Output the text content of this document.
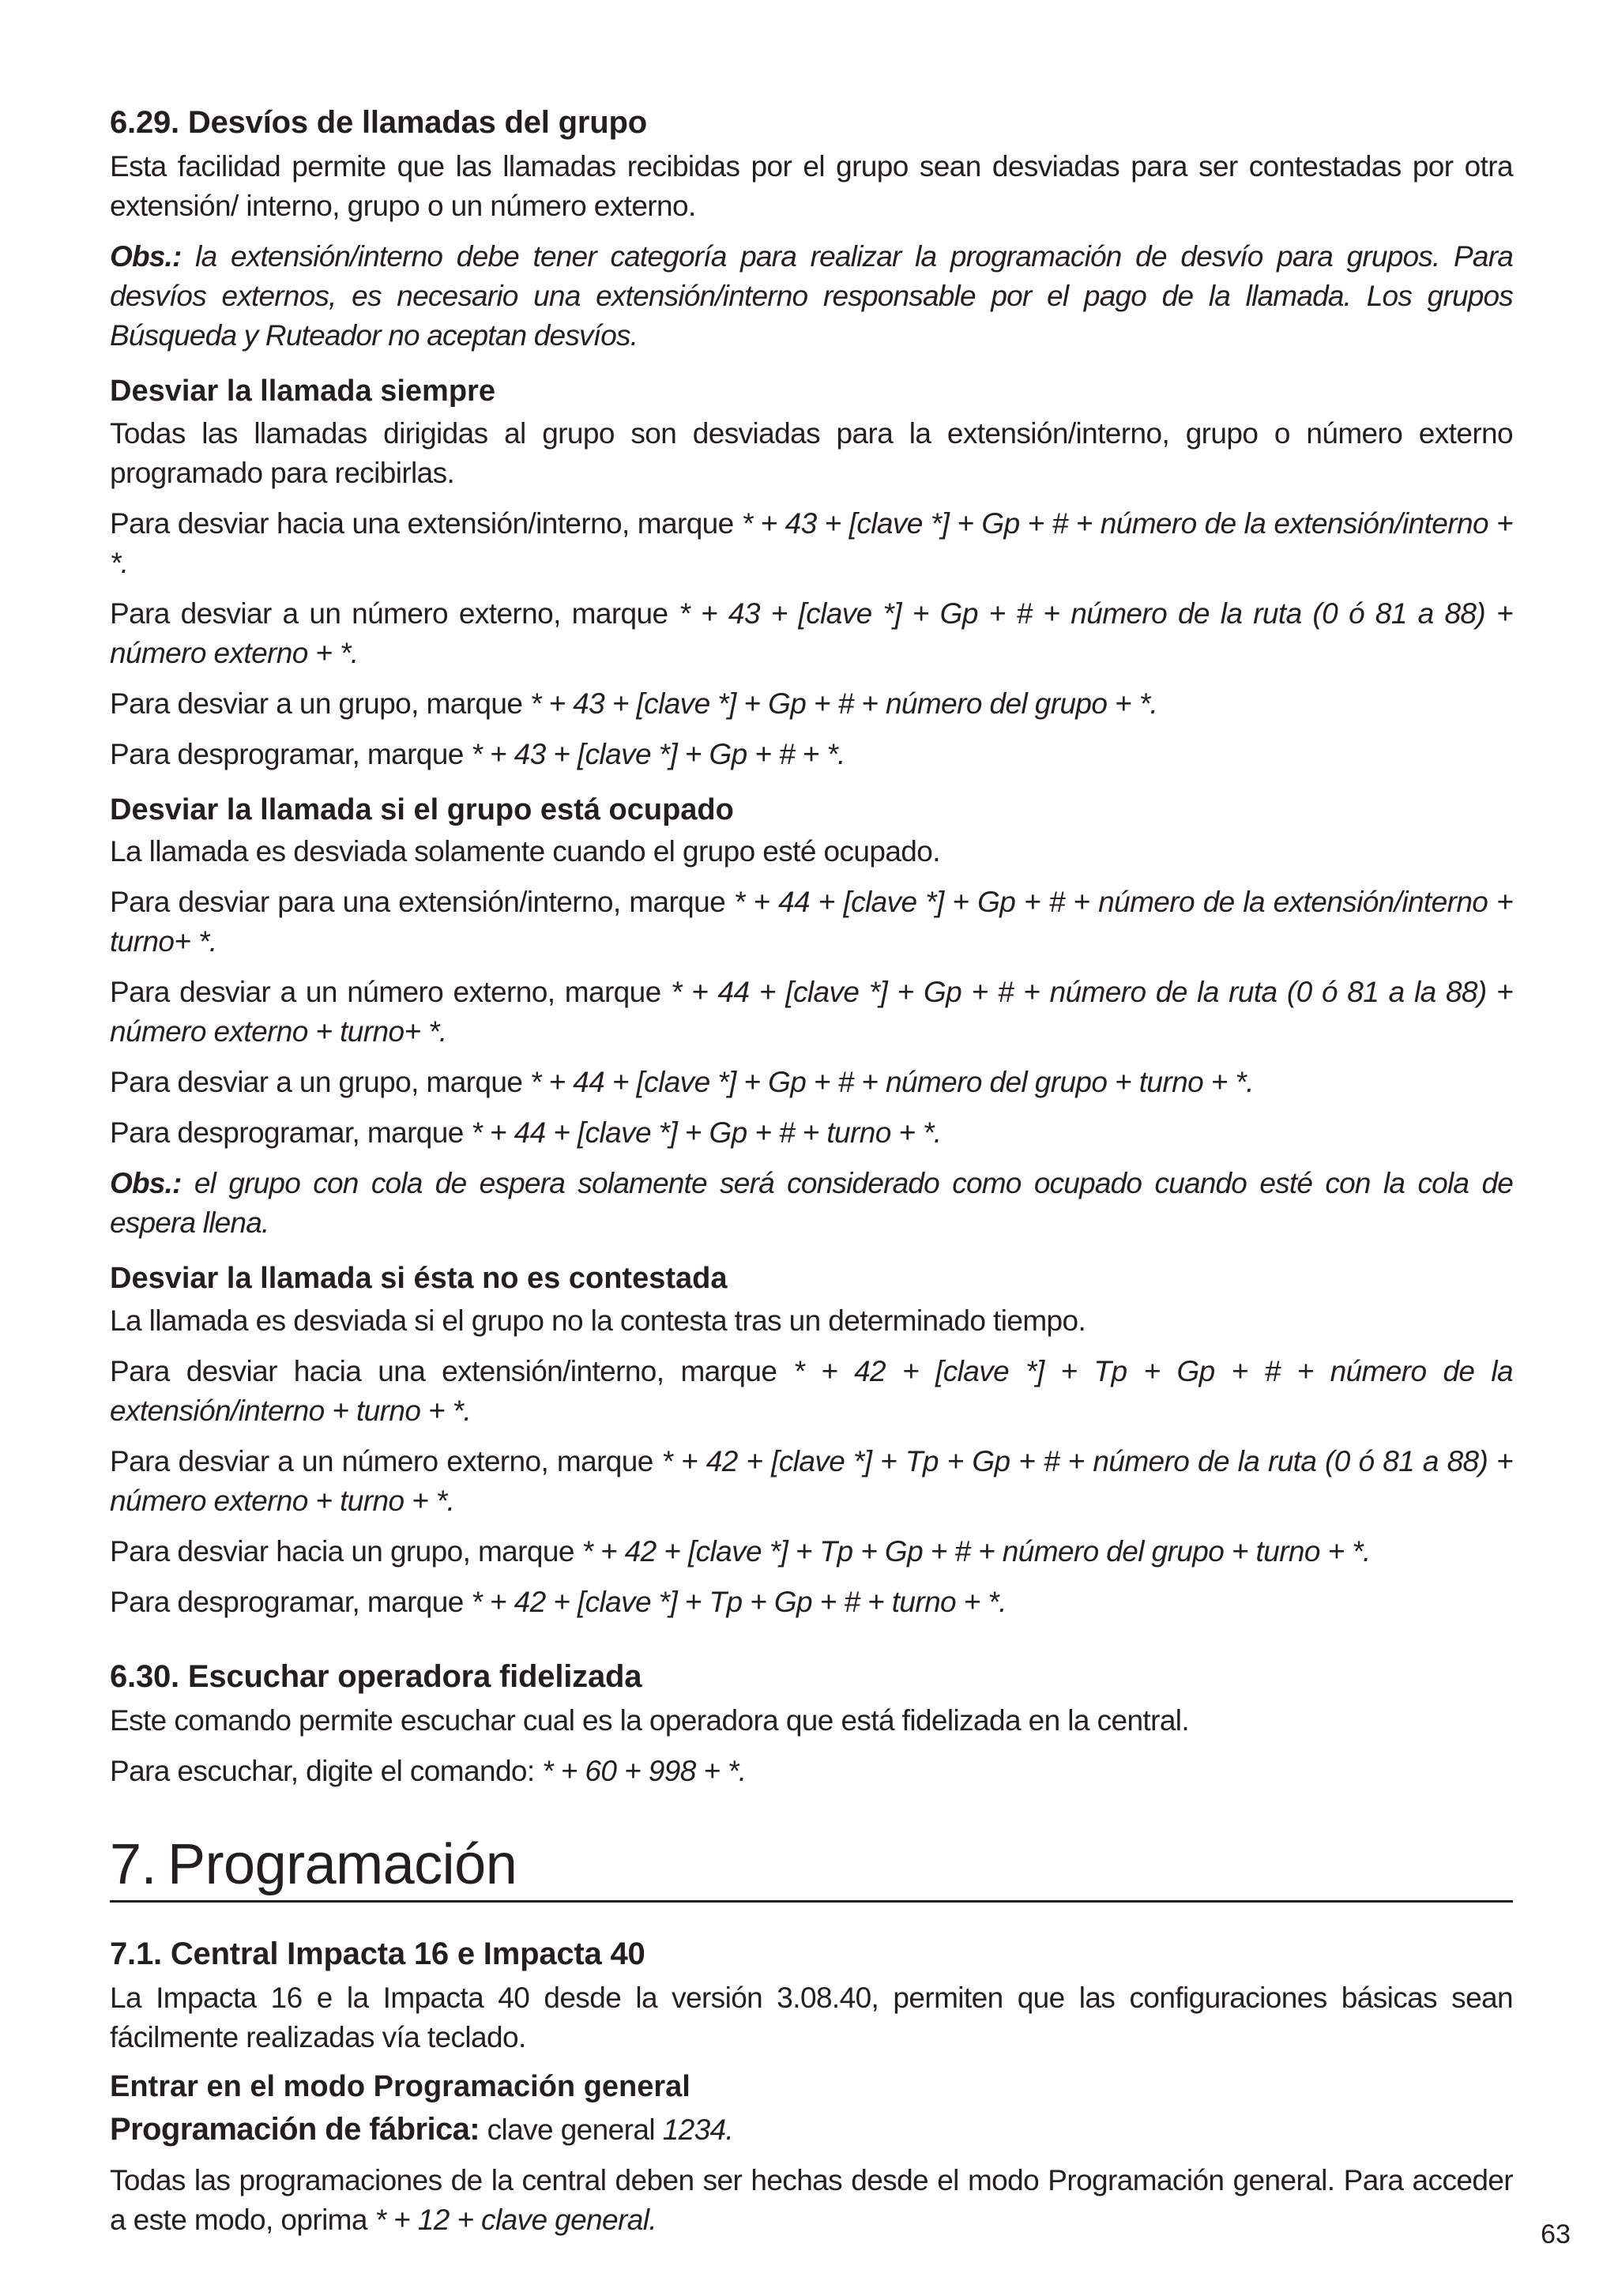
6.29. Desvíos de llamadas del grupo

Esta facilidad permite que las llamadas recibidas por el grupo sean desviadas para ser contestadas por otra extensión/ interno, grupo o un número externo.

Obs.: la extensión/interno debe tener categoría para realizar la programación de desvío para grupos. Para desvíos externos, es necesario una extensión/interno responsable por el pago de la llamada. Los grupos Búsqueda y Ruteador no aceptan desvíos.

Desviar la llamada siempre

Todas las llamadas dirigidas al grupo son desviadas para la extensión/interno, grupo o número externo programado para recibirlas.

Para desviar hacia una extensión/interno, marque * + 43 + [clave *] + Gp + # + número de la extensión/interno + *.

Para desviar a un número externo, marque * + 43 + [clave *] + Gp + # + número de la ruta (0 ó 81 a 88) + número externo + *.

Para desviar a un grupo, marque * + 43 + [clave *] + Gp + # + número del grupo + *.

Para desprogramar, marque * + 43 + [clave *] + Gp + # + *.

Desviar la llamada si el grupo está ocupado

La llamada es desviada solamente cuando el grupo esté ocupado.

Para desviar para una extensión/interno, marque * + 44 + [clave *] + Gp + # + número de la extensión/interno + turno+ *.

Para desviar a un número externo, marque * + 44 + [clave *] + Gp + # + número de la ruta (0 ó 81 a la 88) + número externo + turno+ *.

Para desviar a un grupo, marque * + 44 + [clave *] + Gp + # + número del grupo + turno + *.

Para desprogramar, marque * + 44 + [clave *] + Gp + # + turno + *.

Obs.: el grupo con cola de espera solamente será considerado como ocupado cuando esté con la cola de espera llena.

Desviar la llamada si ésta no es contestada

La llamada es desviada si el grupo no la contesta tras un determinado tiempo.

Para desviar hacia una extensión/interno, marque * + 42 + [clave *] + Tp + Gp + # + número de la extensión/interno + turno + *.

Para desviar a un número externo, marque * + 42 + [clave *] + Tp + Gp + # + número de la ruta (0 ó 81 a 88) + número externo + turno + *.

Para desviar hacia un grupo, marque * + 42 + [clave *] + Tp + Gp + # + número del grupo + turno + *.

Para desprogramar, marque * + 42 + [clave *] + Tp + Gp + # + turno + *.

6.30. Escuchar operadora fidelizada

Este comando permite escuchar cual es la operadora que está fidelizada en la central.

Para escuchar, digite el comando: * + 60 + 998 + *.

7. Programación
7.1. Central Impacta 16 e Impacta 40

La Impacta 16 e la Impacta 40 desde la versión 3.08.40, permiten que las configuraciones básicas sean fácilmente realizadas vía teclado.

Entrar en el modo Programación general

Programación de fábrica: clave general 1234.

Todas las programaciones de la central deben ser hechas desde el modo Programación general. Para acceder a este modo, oprima * + 12 + clave general.	63
